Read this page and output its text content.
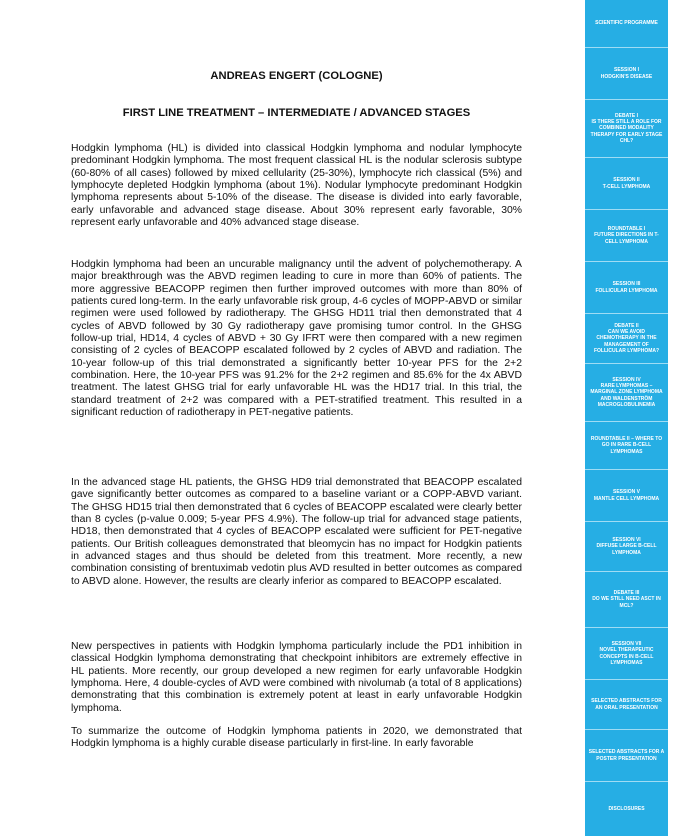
ANDREAS ENGERT (COLOGNE)
FIRST LINE TREATMENT – INTERMEDIATE / ADVANCED STAGES

Hodgkin lymphoma (HL) is divided into classical Hodgkin lymphoma and nodular lymphocyte predominant Hodgkin lymphoma. The most frequent classical HL is the nodular sclerosis subtype (60-80% of all cases) followed by mixed cellularity (25-30%), lymphocyte rich classical (5%) and lymphocyte depleted Hodgkin lymphoma (about 1%). Nodular lymphocyte predominant Hodgkin lymphoma represents about 5-10% of the disease. The disease is divided into early favorable, early unfavorable and advanced stage disease. About 30% represent early favorable, 30% represent early unfavorable and 40% advanced stage disease.

Hodgkin lymphoma had been an uncurable malignancy until the advent of polychemotherapy. A major breakthrough was the ABVD regimen leading to cure in more than 60% of patients. The more aggressive BEACOPP regimen then further improved outcomes with more than 80% of patients cured long-term. In the early unfavorable risk group, 4-6 cycles of MOPP-ABVD or similar regimen were used followed by radiotherapy. The GHSG HD11 trial then demonstrated that 4 cycles of ABVD followed by 30 Gy radiotherapy gave promising tumor control. In the GHSG follow-up trial, HD14, 4 cycles of ABVD + 30 Gy IFRT were then compared with a new regimen consisting of 2 cycles of BEACOPP escalated followed by 2 cycles of ABVD and radiation. The 10-year follow-up of this trial demonstrated a significantly better 10-year PFS for the 2+2 combination. Here, the 10-year PFS was 91.2% for the 2+2 regimen and 85.6% for the 4x ABVD treatment. The latest GHSG trial for early unfavorable HL was the HD17 trial. In this trial, the standard treatment of 2+2 was compared with a PET-stratified treatment. This resulted in a significant reduction of radiotherapy in PET-negative patients.

In the advanced stage HL patients, the GHSG HD9 trial demonstrated that BEACOPP escalated gave significantly better outcomes as compared to a baseline variant or a COPP-ABVD variant. The GHSG HD15 trial then demonstrated that 6 cycles of BEACOPP escalated were clearly better than 8 cycles (p-value 0.009; 5-year PFS 4.9%). The follow-up trial for advanced stage patients, HD18, then demonstrated that 4 cycles of BEACOPP escalated were sufficient for PET-negative patients. Our British colleagues demonstrated that bleomycin has no impact for Hodgkin patients in advanced stages and thus should be deleted from this treatment. More recently, a new combination consisting of brentuximab vedotin plus AVD resulted in better outcomes as compared to ABVD alone. However, the results are clearly inferior as compared to BEACOPP escalated.

New perspectives in patients with Hodgkin lymphoma particularly include the PD1 inhibition in classical Hodgkin lymphoma demonstrating that checkpoint inhibitors are extremely effective in HL patients. More recently, our group developed a new regimen for early unfavorable Hodgkin lymphoma. Here, 4 double-cycles of AVD were combined with nivolumab (a total of 8 applications) demonstrating that this combination is extremely potent at least in early unfavorable Hodgkin lymphoma.

To summarize the outcome of Hodgkin lymphoma patients in 2020, we demonstrated that Hodgkin lymphoma is a highly curable disease particularly in first-line. In early favorable

SCIENTIFIC PROGRAMME
SESSION I
HODGKIN'S DISEASE
DEBATE I
IS THERE STILL A ROLE FOR COMBINED MODALITY THERAPY FOR EARLY STAGE CHL?
SESSION II
T-CELL LYMPHOMA
ROUNDTABLE I
FUTURE DIRECTIONS IN T-CELL LYMPHOMA
SESSION III
FOLLICULAR LYMPHOMA
DEBATE II
CAN WE AVOID CHEMOTHERAPY IN THE MANAGEMENT OF FOLLICULAR LYMPHOMA?
SESSION IV
RARE LYMPHOMAS – MARGINAL ZONE LYMPHOMA AND WALDENSTRÖM MACROGLOBULINEMIA
ROUNDTABLE II – WHERE TO GO IN RARE B-CELL LYMPHOMAS
SESSION V
MANTLE CELL LYMPHOMA
SESSION VI
DIFFUSE LARGE B-CELL LYMPHOMA
DEBATE III
DO WE STILL NEED ASCT IN MCL?
SESSION VII
NOVEL THERAPEUTIC CONCEPTS IN B-CELL LYMPHOMAS
SELECTED ABSTRACTS FOR AN ORAL PRESENTATION
SELECTED ABSTRACTS FOR A POSTER PRESENTATION
DISCLOSURES
